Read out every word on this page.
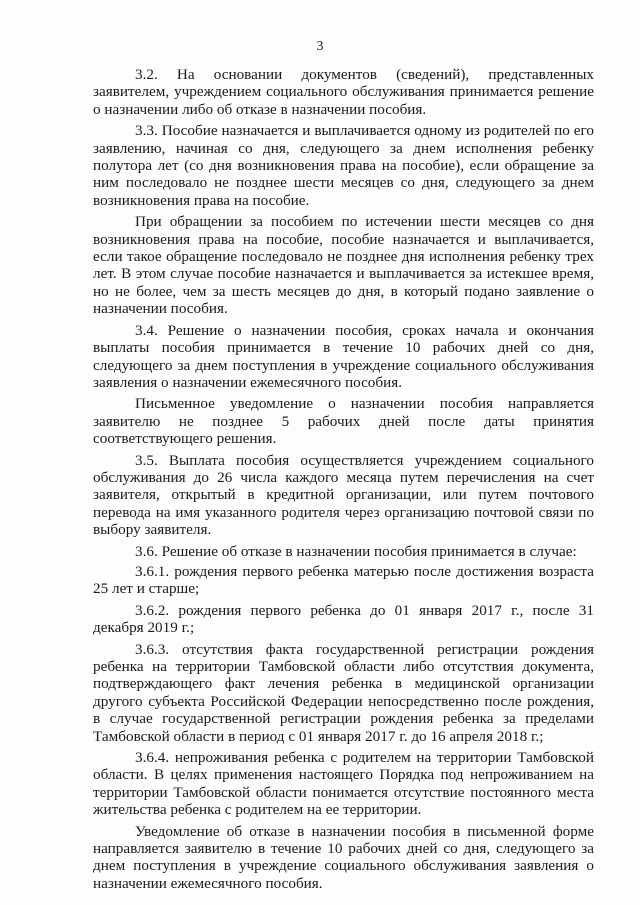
3

3.2. На основании документов (сведений), представленных заявителем, учреждением социального обслуживания принимается решение о назначении либо об отказе в назначении пособия.

3.3. Пособие назначается и выплачивается одному из родителей по его заявлению, начиная со дня, следующего за днем исполнения ребенку полутора лет (со дня возникновения права на пособие), если обращение за ним последовало не позднее шести месяцев со дня, следующего за днем возникновения права на пособие.

При обращении за пособием по истечении шести месяцев со дня возникновения права на пособие, пособие назначается и выплачивается, если такое обращение последовало не позднее дня исполнения ребенку трех лет. В этом случае пособие назначается и выплачивается за истекшее время, но не более, чем за шесть месяцев до дня, в который подано заявление о назначении пособия.

3.4. Решение о назначении пособия, сроках начала и окончания выплаты пособия принимается в течение 10 рабочих дней со дня, следующего за днем поступления в учреждение социального обслуживания заявления о назначении ежемесячного пособия.

Письменное уведомление о назначении пособия направляется заявителю не позднее 5 рабочих дней после даты принятия соответствующего решения.

3.5. Выплата пособия осуществляется учреждением социального обслуживания до 26 числа каждого месяца путем перечисления на счет заявителя, открытый в кредитной организации, или путем почтового перевода на имя указанного родителя через организацию почтовой связи по выбору заявителя.

3.6. Решение об отказе в назначении пособия принимается в случае:

3.6.1. рождения первого ребенка матерью после достижения возраста 25 лет и старше;

3.6.2. рождения первого ребенка до 01 января 2017 г., после 31 декабря 2019 г.;

3.6.3. отсутствия факта государственной регистрации рождения ребенка на территории Тамбовской области либо отсутствия документа, подтверждающего факт лечения ребенка в медицинской организации другого субъекта Российской Федерации непосредственно после рождения, в случае государственной регистрации рождения ребенка за пределами Тамбовской области в период с 01 января 2017 г. до 16 апреля 2018 г.;

3.6.4. непроживания ребенка с родителем на территории Тамбовской области. В целях применения настоящего Порядка под непроживанием на территории Тамбовской области понимается отсутствие постоянного места жительства ребенка с родителем на ее территории.

Уведомление об отказе в назначении пособия в письменной форме направляется заявителю в течение 10 рабочих дней со дня, следующего за днем поступления в учреждение социального обслуживания заявления о назначении ежемесячного пособия.
